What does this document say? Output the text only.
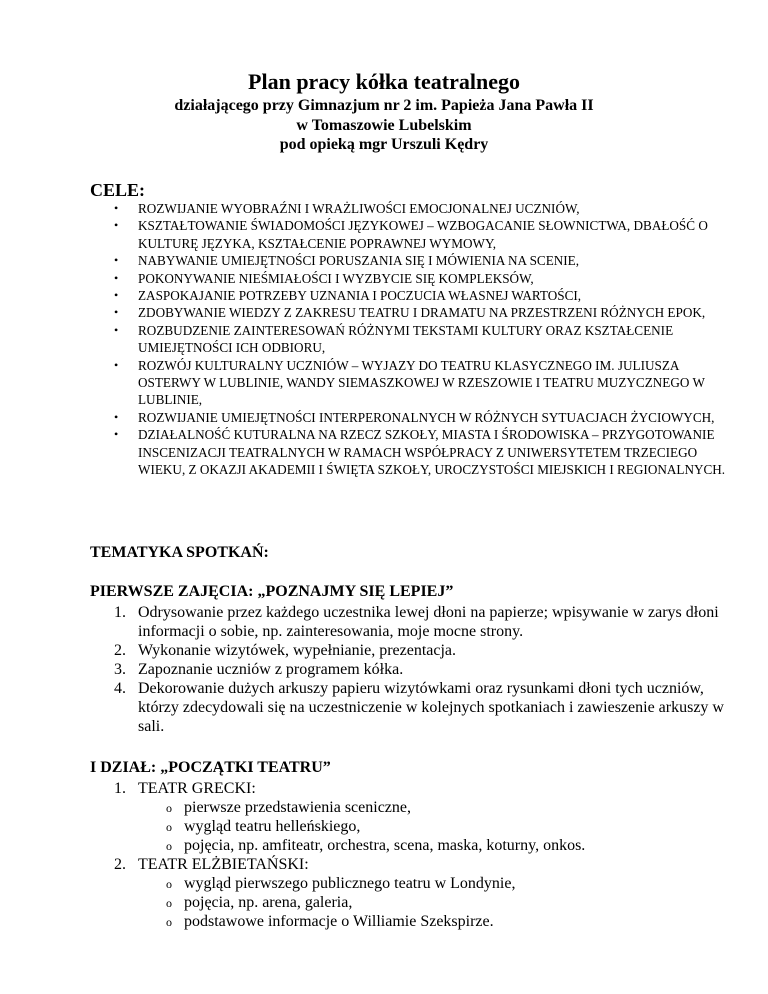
Plan pracy kółka teatralnego
działającego przy Gimnazjum nr 2 im. Papieża Jana Pawła II
w Tomaszowie Lubelskim
pod opieką mgr Urszuli Kędry
CELE:
• ROZWIJANIE WYOBRAŹNI I WRAŻLIWOŚCI EMOCJONALNEJ UCZNIÓW,
• KSZTAŁTOWANIE ŚWIADOMOŚCI JĘZYKOWEJ – WZBOGACANIE SŁOWNICTWA, DBAŁOŚĆ O KULTURĘ JĘZYKA, KSZTAŁCENIE POPRAWNEJ WYMOWY,
• NABYWANIE UMIEJĘTNOŚCI PORUSZANIA SIĘ I MÓWIENIA NA SCENIE,
• POKONYWANIE NIEŚMIAŁOŚCI I WYZBYCIE SIĘ KOMPLEKSÓW,
• ZASPOKAJANIE POTRZEBY UZNANIA I POCZUCIA WŁASNEJ WARTOŚCI,
• ZDOBYWANIE WIEDZY Z ZAKRESU TEATRU I DRAMATU NA PRZESTRZENI RÓŻNYCH EPOK,
• ROZBUDZENIE ZAINTERESOWAŃ RÓŻNYMI TEKSTAMI KULTURY ORAZ KSZTAŁCENIE UMIEJĘTNOŚCI ICH ODBIORU,
• ROZWÓJ KULTURALNY UCZNIÓW – WYJAZY DO TEATRU KLASYCZNEGO IM. JULIUSZA OSTERWY W LUBLINIE, WANDY SIEMASZKOWEJ W RZESZOWIE I TEATRU MUZYCZNEGO W LUBLINIE,
• ROZWIJANIE UMIEJĘTNOŚCI INTERPERONALNYCH W RÓŻNYCH SYTUACJACH ŻYCIOWYCH,
• DZIAŁALNOŚĆ KUTURALNA NA RZECZ SZKOŁY, MIASTA I ŚRODOWISKA – PRZYGOTOWANIE INSCENIZACJI TEATRALNYCH W RAMACH WSPÓŁPRACY Z UNIWERSYTETEM TRZECIEGO WIEKU, Z OKAZJI AKADEMII I ŚWIĘTA SZKOŁY, UROCZYSTOŚCI MIEJSKICH I REGIONALNYCH.
TEMATYKA SPOTKAŃ:
PIERWSZE ZAJĘCIA: „POZNAJMY SIĘ LEPIEJ”
1. Odrysowanie przez każdego uczestnika lewej dłoni na papierze; wpisywanie w zarys dłoni informacji o sobie, np. zainteresowania, moje mocne strony.
2. Wykonanie wizytówek, wypełnianie, prezentacja.
3. Zapoznanie uczniów z programem kółka.
4. Dekorowanie dużych arkuszy papieru wizytówkami oraz rysunkami dłoni tych uczniów, którzy zdecydowali się na uczestniczenie w kolejnych spotkaniach i zawieszenie arkuszy w sali.
I DZIAŁ: „POCZĄTKI TEATRU”
1. TEATR GRECKI:
o pierwsze przedstawienia sceniczne,
o wygląd teatru helleńskiego,
o pojęcia, np. amfiteatr, orchestra, scena, maska, koturny, onkos.
2. TEATR ELŻBIETAŃSKI:
o wygląd pierwszego publicznego teatru w Londynie,
o pojęcia, np. arena, galeria,
o podstawowe informacje o Williamie Szekspirze.
